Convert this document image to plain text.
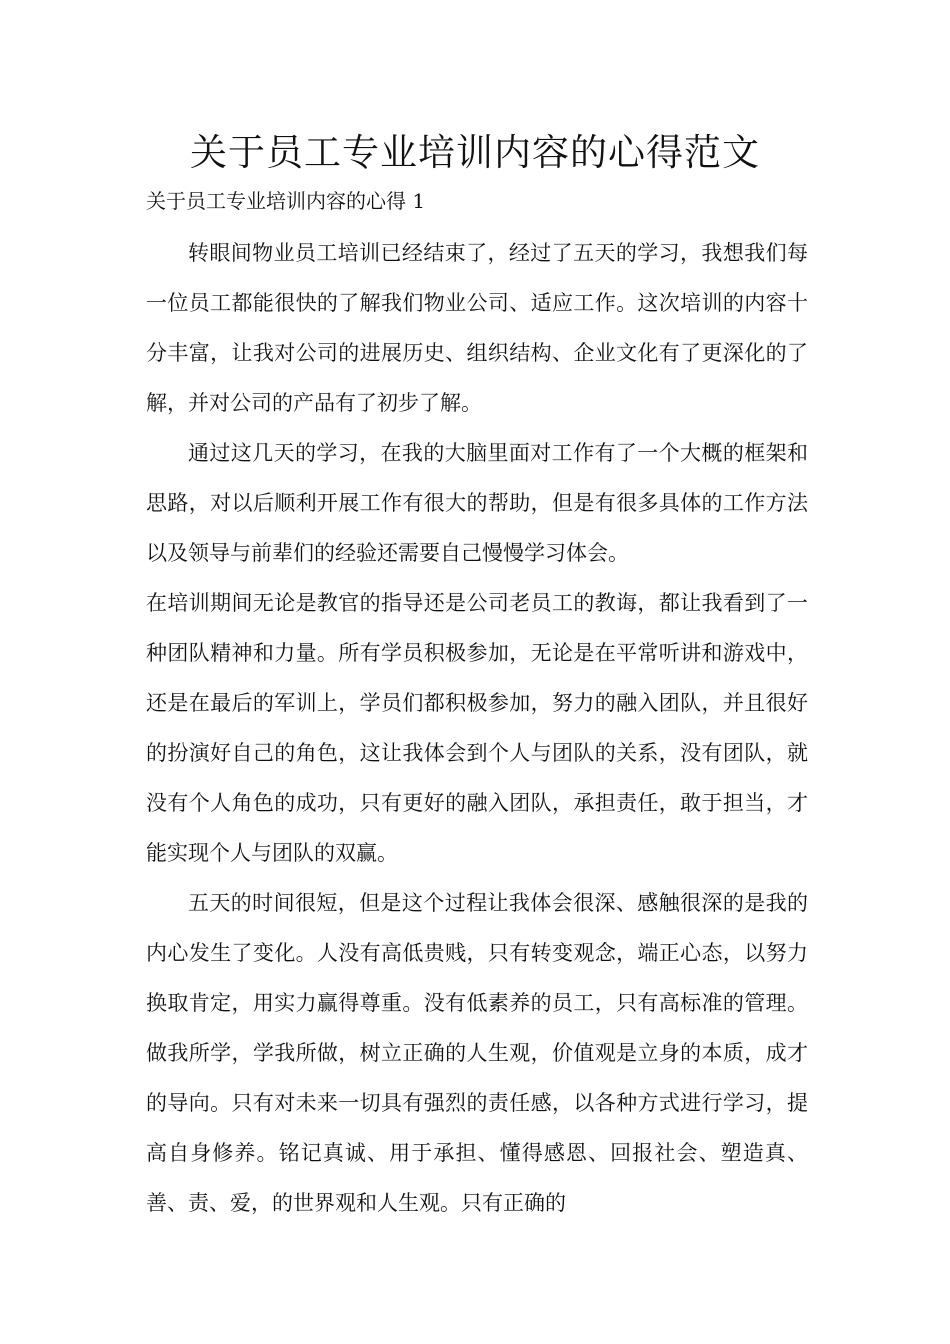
关于员工专业培训内容的心得范文

关于员工专业培训内容的心得 1

转眼间物业员工培训已经结束了，经过了五天的学习，我想我们每一位员工都能很快的了解我们物业公司、适应工作。这次培训的内容十分丰富，让我对公司的进展历史、组织结构、企业文化有了更深化的了解，并对公司的产品有了初步了解。

通过这几天的学习，在我的大脑里面对工作有了一个大概的框架和思路，对以后顺利开展工作有很大的帮助，但是有很多具体的工作方法以及领导与前辈们的经验还需要自己慢慢学习体会。

在培训期间无论是教官的指导还是公司老员工的教诲，都让我看到了一种团队精神和力量。所有学员积极参加，无论是在平常听讲和游戏中，还是在最后的军训上，学员们都积极参加，努力的融入团队，并且很好的扮演好自己的角色，这让我体会到个人与团队的关系，没有团队，就没有个人角色的成功，只有更好的融入团队，承担责任，敢于担当，才能实现个人与团队的双赢。

五天的时间很短，但是这个过程让我体会很深、感触很深的是我的内心发生了变化。人没有高低贵贱，只有转变观念，端正心态，以努力换取肯定，用实力赢得尊重。没有低素养的员工，只有高标准的管理。做我所学，学我所做，树立正确的人生观，价值观是立身的本质，成才的导向。只有对未来一切具有强烈的责任感，以各种方式进行学习，提高自身修养。铭记真诚、用于承担、懂得感恩、回报社会、塑造真、善、责、爱，的世界观和人生观。只有正确的
